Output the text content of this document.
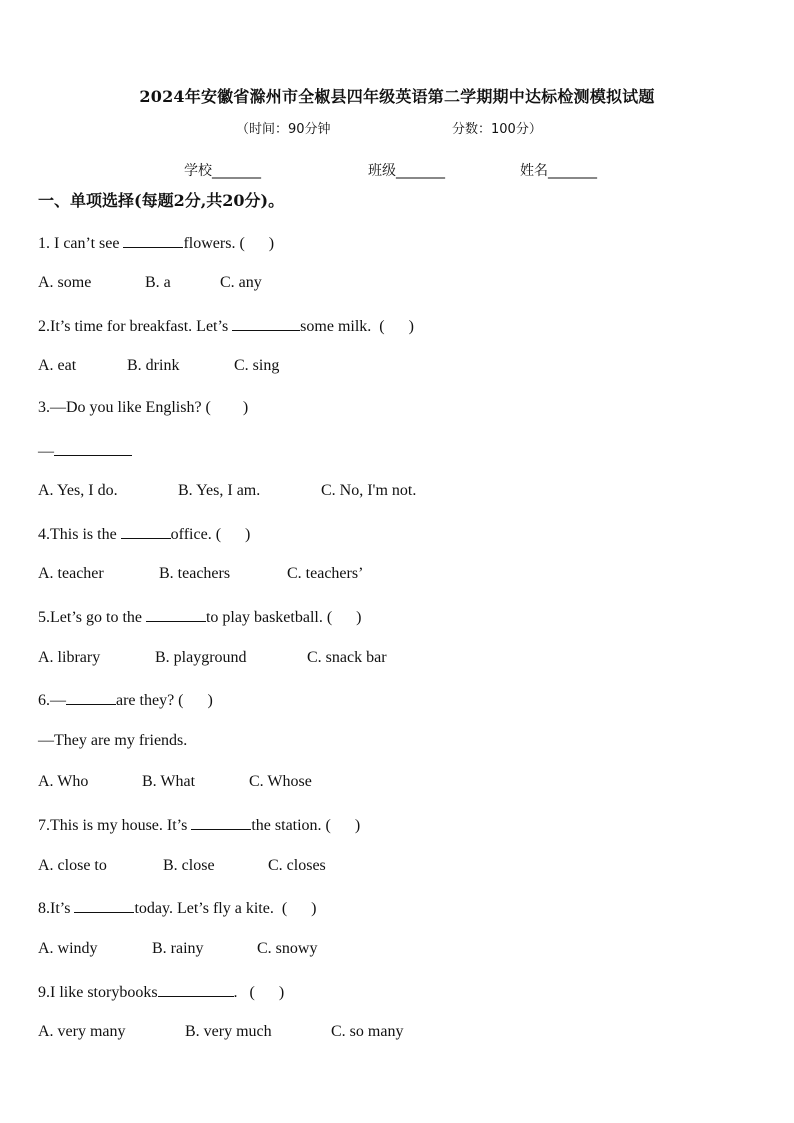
2024年安徽省滁州市全椒县四年级英语第二学期期中达标检测模拟试题
（时间：90分钟	分数：100分）
学校_______	班级_______	姓名_______
一、单项选择(每题2分,共20分)。
1. I can’t see	flowers. (      )
A. some	B. a	C. any
2.It’s time for breakfast. Let’s	some milk.  (      )
A. eat	B. drink	C. sing
3.—Do you like English? (        )
—
A. Yes, I do.	B. Yes, I am.	C. No, I'm not.
4.This is the	office. (      )
A. teacher	B. teachers	C. teachers’
5.Let’s go to the	to play basketball. (      )
A. library	B. playground	C. snack bar
6.—	are they? (      )
—They are my friends.
A. Who	B. What	C. Whose
7.This is my house. It’s	the station. (      )
A. close to	B. close	C. closes
8.It’s	today. Let’s fly a kite.  (      )
A. windy	B. rainy	C. snowy
9.I like storybooks	.   (      )
A. very many	B. very much	C. so many
